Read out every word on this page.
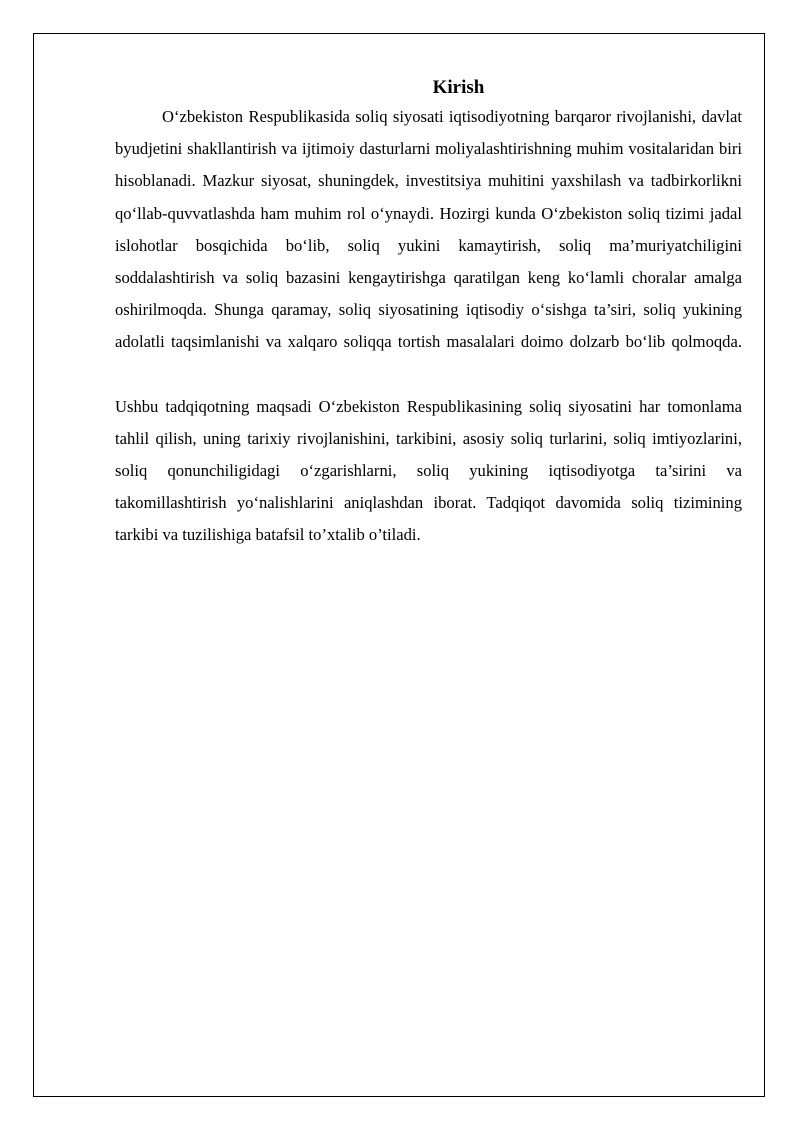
Kirish

O‘zbekiston Respublikasida soliq siyosati iqtisodiyotning barqaror rivojlanishi, davlat byudjetini shakllantirish va ijtimoiy dasturlarni moliyalashtirishning muhim vositalaridan biri hisoblanadi. Mazkur siyosat, shuningdek, investitsiya muhitini yaxshilash va tadbirkorlikni qo‘llab-quvvatlashda ham muhim rol o‘ynaydi. Hozirgi kunda O‘zbekiston soliq tizimi jadal islohotlar bosqichida bo‘lib, soliq yukini kamaytirish, soliq ma’muriyatchiligini soddalashtirish va soliq bazasini kengaytirishga qaratilgan keng ko‘lamli choralar amalga oshirilmoqda. Shunga qaramay, soliq siyosatining iqtisodiy o‘sishga ta’siri, soliq yukining adolatli taqsimlanishi va xalqaro soliqqa tortish masalalari doimo dolzarb bo‘lib qolmoqda.

Ushbu tadqiqotning maqsadi O‘zbekiston Respublikasining soliq siyosatini har tomonlama tahlil qilish, uning tarixiy rivojlanishini, tarkibini, asosiy soliq turlarini, soliq imtiyozlarini, soliq qonunchiligidagi o‘zgarishlarni, soliq yukining iqtisodiyotga ta’sirini va takomillashtirish yo‘nalishlarini aniqlashdan iborat. Tadqiqot davomida soliq tizimining tarkibi va tuzilishiga batafsil to’xtalib o’tiladi.
